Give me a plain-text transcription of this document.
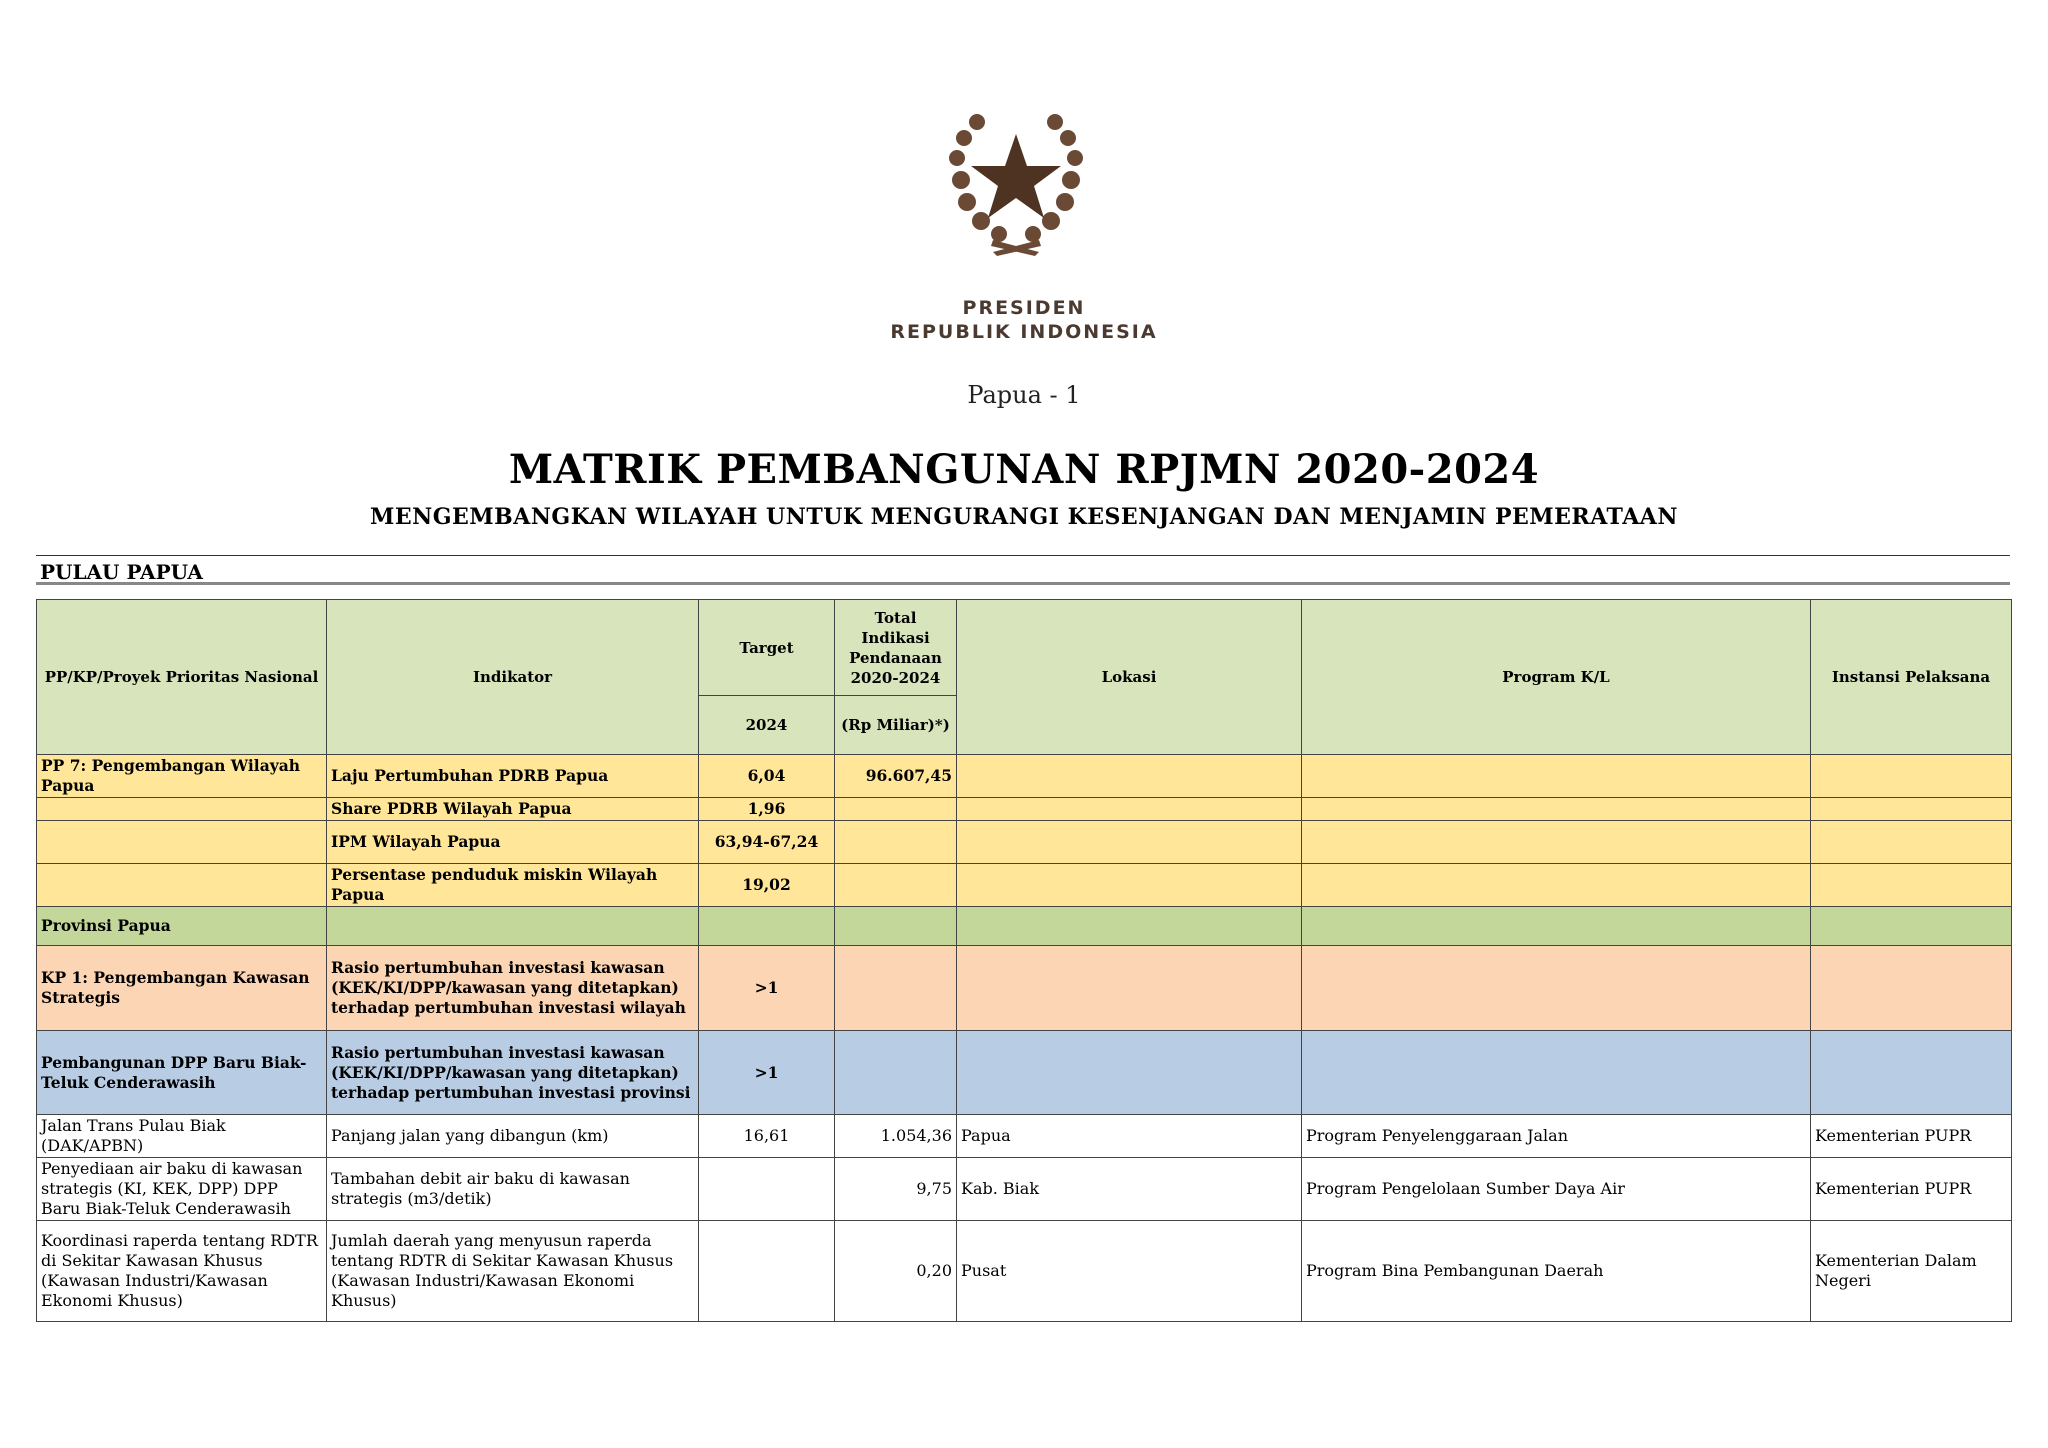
PRESIDEN
REPUBLIK INDONESIA
Papua - 1
MATRIK PEMBANGUNAN RPJMN 2020-2024
MENGEMBANGKAN WILAYAH UNTUK MENGURANGI KESENJANGAN DAN MENJAMIN PEMERATAAN
PULAU PAPUA
PP/KP/Proyek Prioritas Nasional	Indikator	Target	Total Indikasi Pendanaan 2020-2024	Lokasi	Program K/L	Instansi Pelaksana
		2024	(Rp Miliar)*)			
PP 7: Pengembangan Wilayah Papua	Laju Pertumbuhan PDRB Papua	6,04	96.607,45			
	Share PDRB Wilayah Papua	1,96				
	IPM Wilayah Papua	63,94-67,24				
	Persentase penduduk miskin Wilayah Papua	19,02				
Provinsi Papua						
KP 1: Pengembangan Kawasan Strategis	Rasio pertumbuhan investasi kawasan (KEK/KI/DPP/kawasan yang ditetapkan) terhadap pertumbuhan investasi wilayah	>1				
Pembangunan DPP Baru Biak-Teluk Cenderawasih	Rasio pertumbuhan investasi kawasan (KEK/KI/DPP/kawasan yang ditetapkan) terhadap pertumbuhan investasi provinsi	>1				
Jalan Trans Pulau Biak (DAK/APBN)	Panjang jalan yang dibangun (km)	16,61	1.054,36	Papua	Program Penyelenggaraan Jalan	Kementerian PUPR
Penyediaan air baku di kawasan strategis (KI, KEK, DPP) DPP Baru Biak-Teluk Cenderawasih	Tambahan debit air baku di kawasan strategis (m3/detik)		9,75	Kab. Biak	Program Pengelolaan Sumber Daya Air	Kementerian PUPR
Koordinasi raperda tentang RDTR di Sekitar Kawasan Khusus (Kawasan Industri/Kawasan Ekonomi Khusus)	Jumlah daerah yang menyusun raperda tentang RDTR di Sekitar Kawasan Khusus (Kawasan Industri/Kawasan Ekonomi Khusus)		0,20	Pusat	Program Bina Pembangunan Daerah	Kementerian Dalam Negeri
